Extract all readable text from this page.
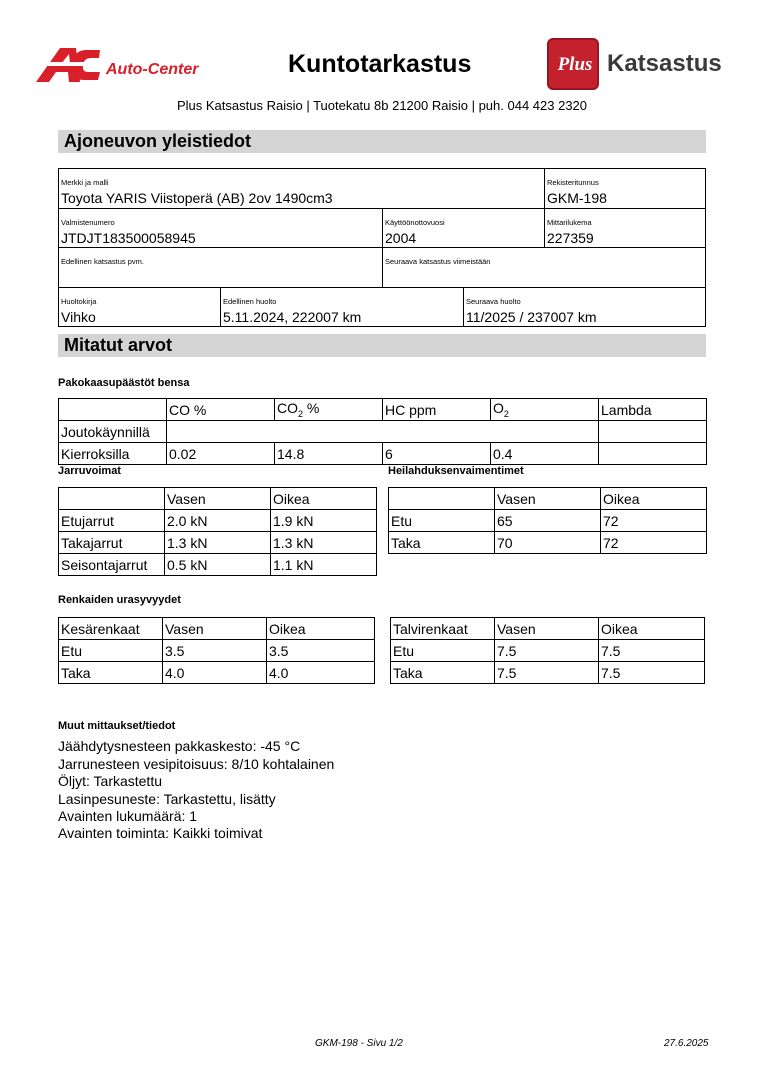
Auto-Center	Kuntotarkastus	Plus Katsastus
Plus Katsastus Raisio | Tuotekatu 8b 21200 Raisio | puh. 044 423 2320
Ajoneuvon yleistiedot
Merkki ja malli
Toyota YARIS Viistoperä (AB) 2ov 1490cm3
Rekisteritunnus
GKM-198
Valmistenumero
JTDJT183500058945
Käyttöönottovuosi
2004
Mittarilukema
227359
Edellinen katsastus pvm.	Seuraava katsastus viimeistään
Huoltokirja
Vihko
Edellinen huolto
5.11.2024, 222007 km
Seuraava huolto
11/2025 / 237007 km
Mitatut arvot
Pakokaasupäästöt bensa
	CO %	$CO_2$ %	HC ppm	$O_2$	Lambda
Joutokäynnillä					
Kierroksilla	0.02	14.8	6	0.4	
Jarruvoimat	Heilahduksenvaimentimet
	Vasen	Oikea
Etujarrut	2.0 kN	1.9 kN
Takajarrut	1.3 kN	1.3 kN
Seisontajarrut	0.5 kN	1.1 kN
	Vasen	Oikea
Etu	65	72
Taka	70	72
Renkaiden urasyvyydet
Kesärenkaat	Vasen	Oikea
Etu	3.5	3.5
Taka	4.0	4.0
Talvirenkaat	Vasen	Oikea
Etu	7.5	7.5
Taka	7.5	7.5
Muut mittaukset/tiedot
Jäähdytysnesteen pakkaskesto: -45 °C
Jarrunesteen vesipitoisuus: 8/10 kohtalainen
Öljyt: Tarkastettu
Lasinpesuneste: Tarkastettu, lisätty
Avainten lukumäärä: 1
Avainten toiminta: Kaikki toimivat
GKM-198 - Sivu 1/2	27.6.2025
